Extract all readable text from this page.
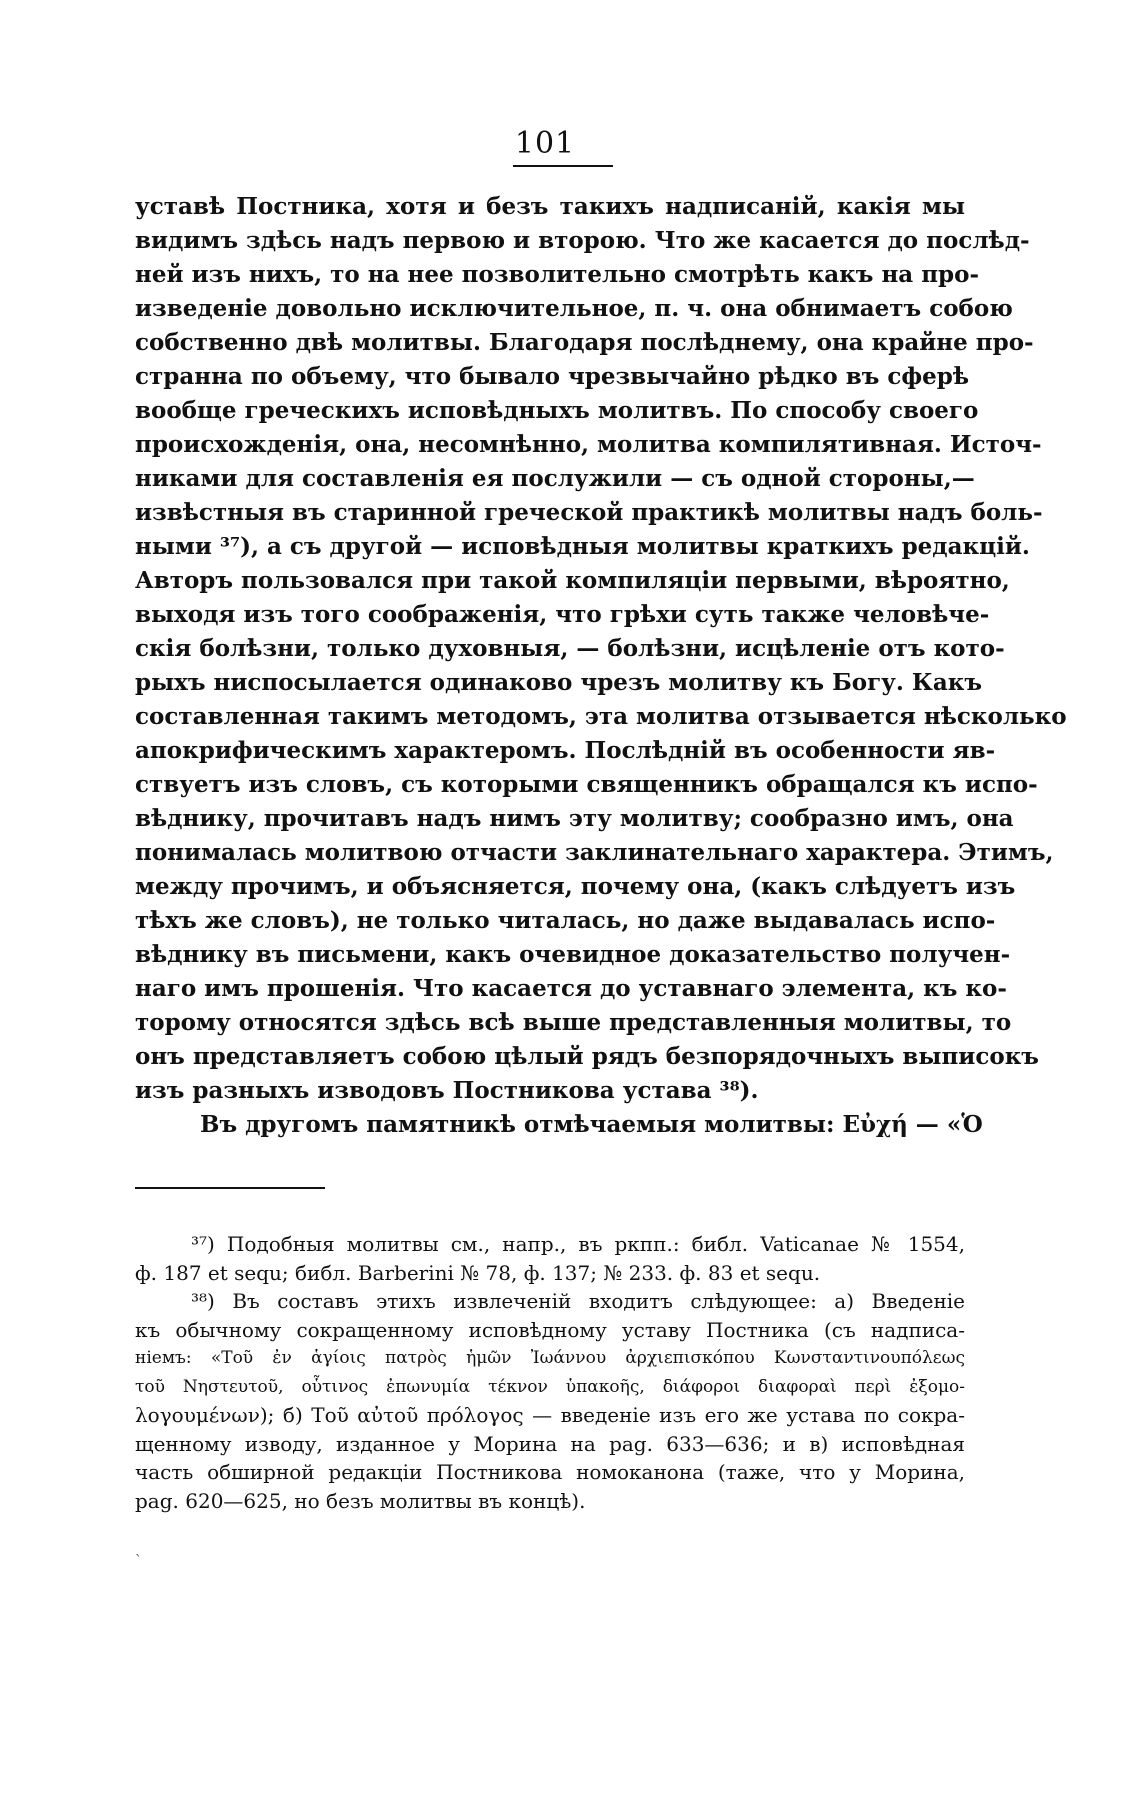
101
уставѣ Постника, хотя и безъ такихъ надписаній, какія мы
видимъ здѣсь надъ первою и второю. Что же касается до послѣд-
ней изъ нихъ, то на нее позволительно смотрѣть какъ на про-
изведеніе довольно исключительное, п. ч. она обнимаетъ собою
собственно двѣ молитвы. Благодаря послѣднему, она крайне про-
странна по объему, что бывало чрезвычайно рѣдко въ сферѣ
вообще греческихъ исповѣдныхъ молитвъ. По способу своего
происхожденія, она, несомнѣнно, молитва компилятивная. Источ-
никами для составленія ея послужили — съ одной стороны,—
извѣстныя въ старинной греческой практикѣ молитвы надъ боль-
ными ³⁷), а съ другой — исповѣдныя молитвы краткихъ редакцій.
Авторъ пользовался при такой компиляціи первыми, вѣроятно,
выходя изъ того соображенія, что грѣхи суть также человѣче-
скія болѣзни, только духовныя, — болѣзни, исцѣленіе отъ кото-
рыхъ ниспосылается одинаково чрезъ молитву къ Богу. Какъ
составленная такимъ методомъ, эта молитва отзывается нѣсколько
апокрифическимъ характеромъ. Послѣдній въ особенности яв-
ствуетъ изъ словъ, съ которыми священникъ обращался къ испо-
вѣднику, прочитавъ надъ нимъ эту молитву; сообразно имъ, она
понималась молитвою отчасти заклинательнаго характера. Этимъ,
между прочимъ, и объясняется, почему она, (какъ слѣдуетъ изъ
тѣхъ же словъ), не только читалась, но даже выдавалась испо-
вѣднику въ письмени, какъ очевидное доказательство получен-
наго имъ прошенія. Что касается до уставнаго элемента, къ ко-
торому относятся здѣсь всѣ выше представленныя молитвы, то
онъ представляетъ собою цѣлый рядъ безпорядочныхъ выписокъ
изъ разныхъ изводовъ Постникова устава ³⁸).
Въ другомъ памятникѣ отмѣчаемыя молитвы: Εὐχή — «Ὁ
³⁷) Подобныя молитвы см., напр., въ ркпп.: библ. Vaticanae № 1554,
ф. 187 et sequ; библ. Barberini № 78, ф. 137; № 233. ф. 83 et sequ.
³⁸) Въ составъ этихъ извлеченій входитъ слѣдующее: а) Введеніе
къ обычному сокращенному исповѣдному уставу Постника (съ надписа-
ніемъ: «Τοῦ ἐν ἁγίοις πατρὸς ἡμῶν Ἰωάννου ἀρχιεπισκόπου Κωνσταντινουπόλεως
τοῦ Νηστευτοῦ, οὗτινος ἐπωνυμία τέκνον ὑπακοῆς, διάφοροι διαφοραὶ περὶ ἐξομο-
λογουμένων); б) Τοῦ αὐτοῦ πρόλογος — введеніе изъ его же устава по сокра-
щенному изводу, изданное у Морина на pag. 633—636; и в) исповѣдная
часть обширной редакціи Постникова номоканона (таже, что у Морина,
pag. 620—625, но безъ молитвы въ концѣ).
`
